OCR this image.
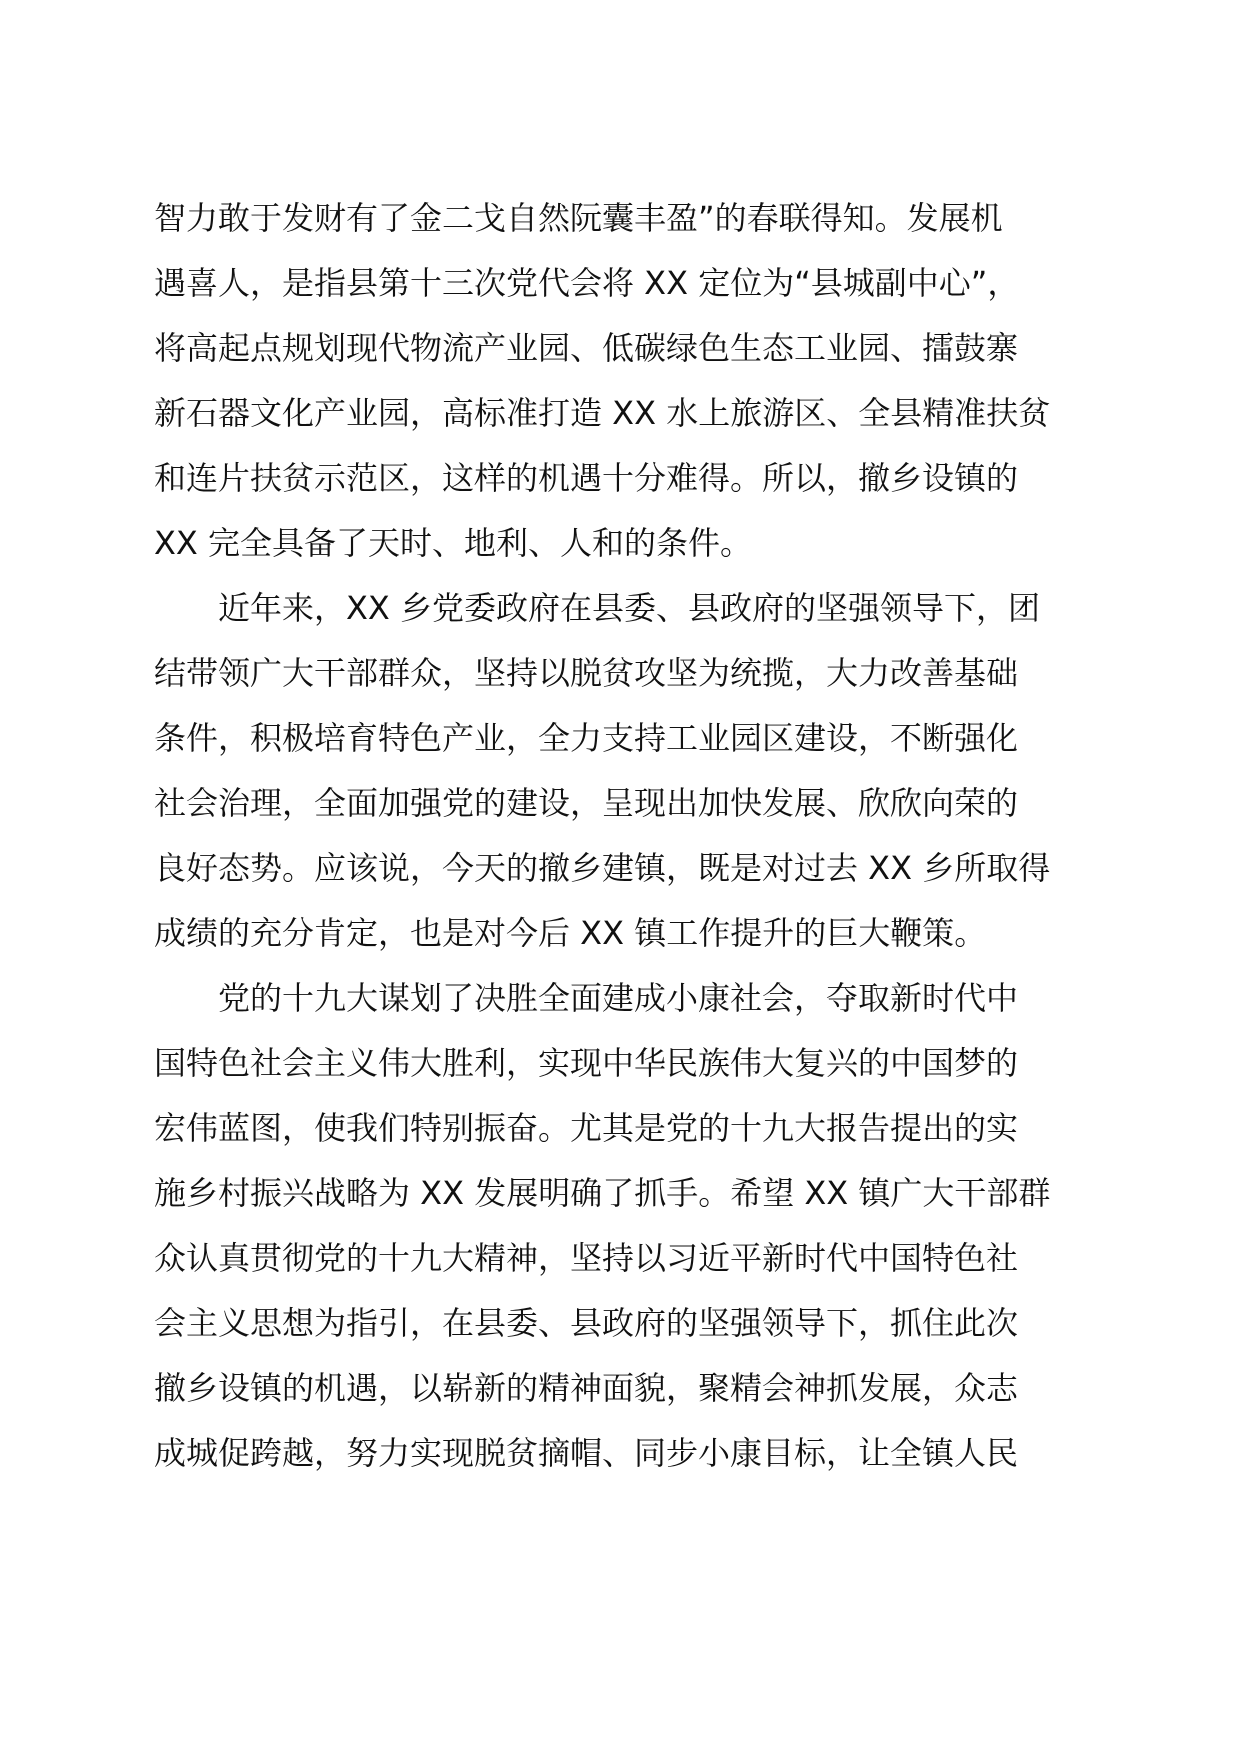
智力敢于发财有了金二戈自然阮囊丰盈”的春联得知。发展机
遇喜人，是指县第十三次党代会将 XX 定位为“县城副中心”，
将高起点规划现代物流产业园、低碳绿色生态工业园、擂鼓寨
新石器文化产业园，高标准打造 XX 水上旅游区、全县精准扶贫
和连片扶贫示范区，这样的机遇十分难得。所以，撤乡设镇的
XX 完全具备了天时、地利、人和的条件。

近年来，XX 乡党委政府在县委、县政府的坚强领导下，团
结带领广大干部群众，坚持以脱贫攻坚为统揽，大力改善基础
条件，积极培育特色产业，全力支持工业园区建设，不断强化
社会治理，全面加强党的建设，呈现出加快发展、欣欣向荣的
良好态势。应该说，今天的撤乡建镇，既是对过去 XX 乡所取得
成绩的充分肯定，也是对今后 XX 镇工作提升的巨大鞭策。

党的十九大谋划了决胜全面建成小康社会，夺取新时代中
国特色社会主义伟大胜利，实现中华民族伟大复兴的中国梦的
宏伟蓝图，使我们特别振奋。尤其是党的十九大报告提出的实
施乡村振兴战略为 XX 发展明确了抓手。希望 XX 镇广大干部群
众认真贯彻党的十九大精神，坚持以习近平新时代中国特色社
会主义思想为指引，在县委、县政府的坚强领导下，抓住此次
撤乡设镇的机遇，以崭新的精神面貌，聚精会神抓发展，众志
成城促跨越，努力实现脱贫摘帽、同步小康目标，让全镇人民
